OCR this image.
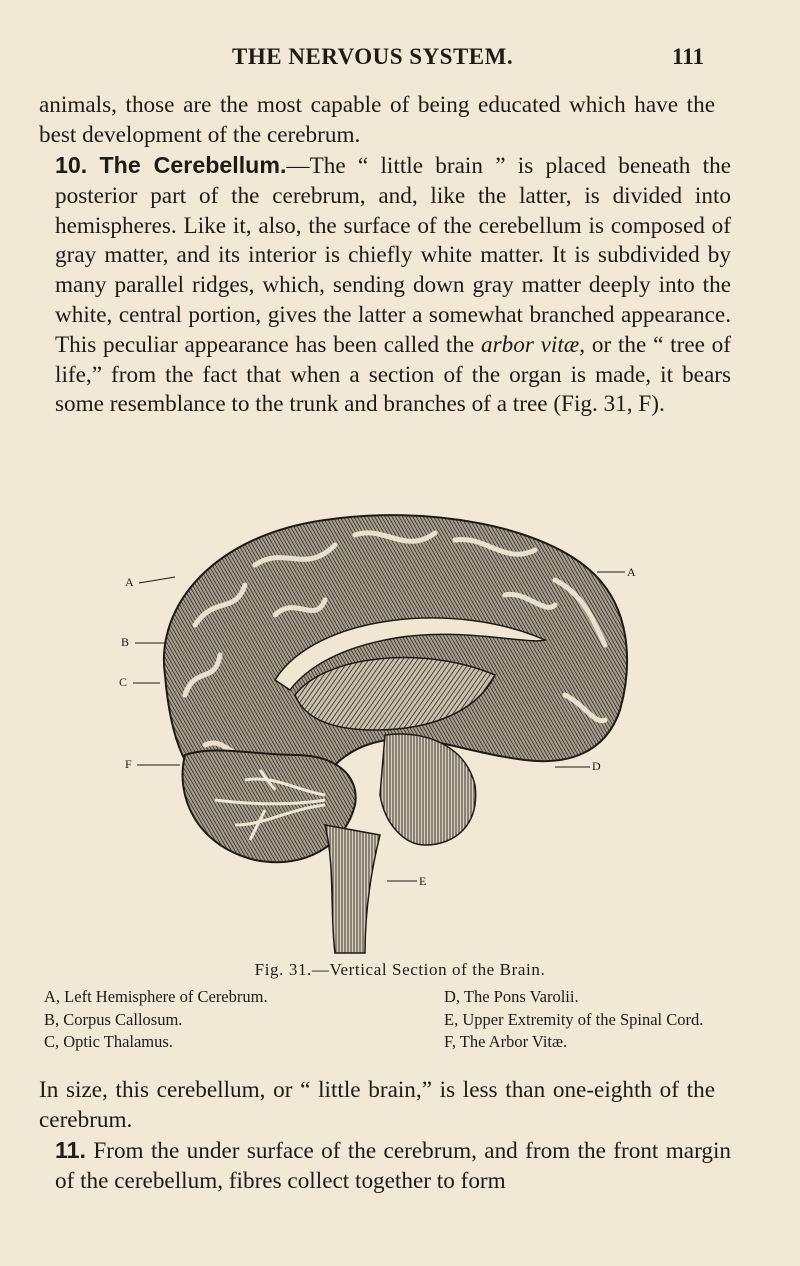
THE NERVOUS SYSTEM.	111

animals, those are the most capable of being educated which have the best development of the cerebrum.

10. The Cerebellum.—The “ little brain ” is placed beneath the posterior part of the cerebrum, and, like the latter, is divided into hemispheres. Like it, also, the surface of the cerebellum is composed of gray matter, and its interior is chiefly white matter. It is subdivided by many parallel ridges, which, sending down gray matter deeply into the white, central portion, gives the latter a somewhat branched appearance. This peculiar appearance has been called the arbor vitæ, or the “ tree of life,” from the fact that when a section of the organ is made, it bears some resemblance to the trunk and branches of a tree (Fig. 31, F).

A
A
B
C
D
E
F
Fig. 31.—Vertical Section of the Brain.
A, Left Hemisphere of Cerebrum.
B, Corpus Callosum.
C, Optic Thalamus.
D, The Pons Varolii.
E, Upper Extremity of the Spinal Cord.
F, The Arbor Vitæ.

In size, this cerebellum, or “ little brain,” is less than one-eighth of the cerebrum.

11. From the under surface of the cerebrum, and from the front margin of the cerebellum, fibres collect together to form
